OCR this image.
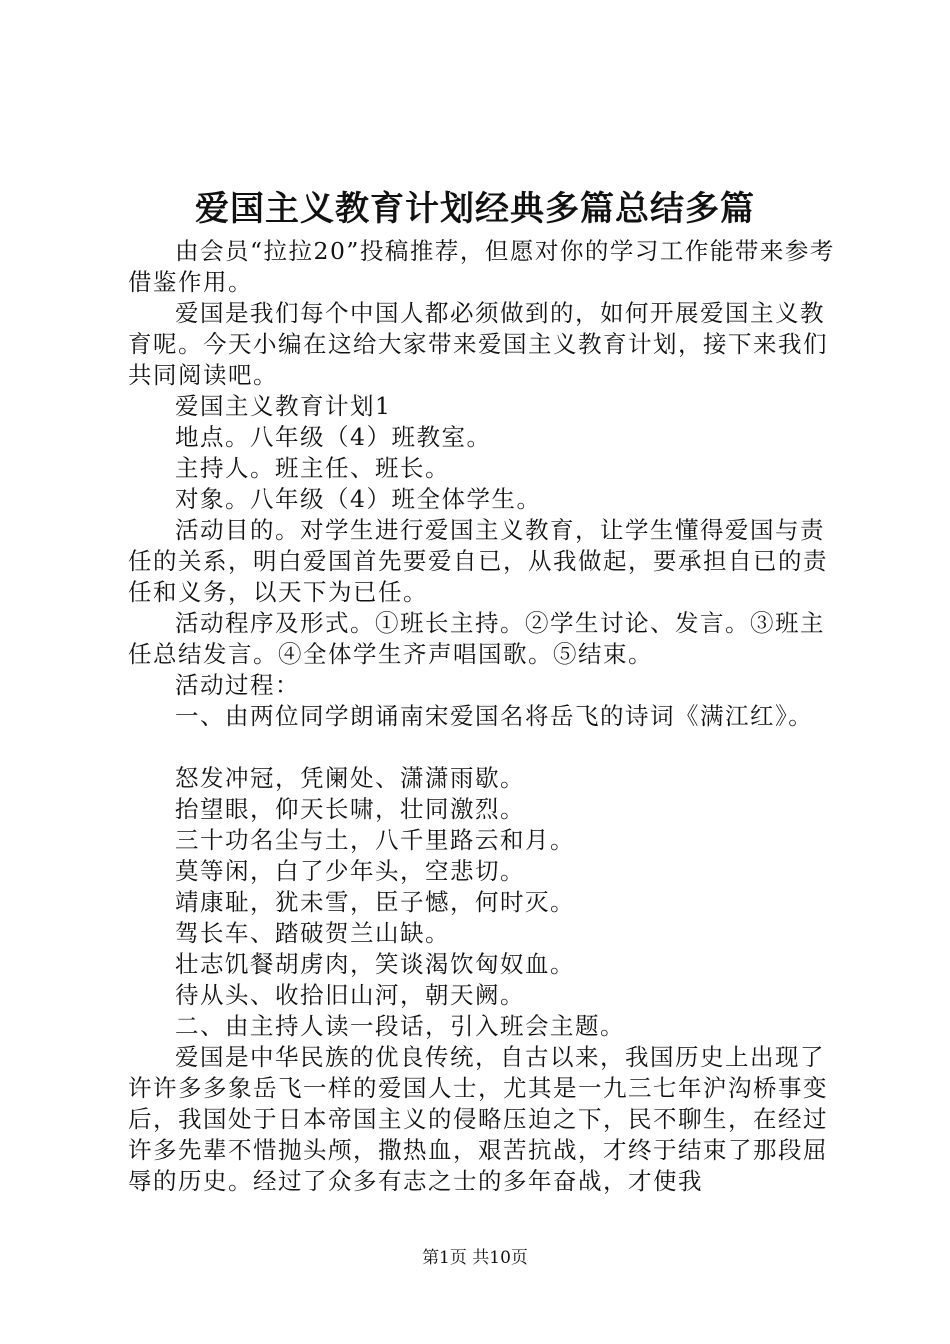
爱国主义教育计划经典多篇总结多篇

由会员“拉拉20”投稿推荐，但愿对你的学习工作能带来参考借鉴作用。

爱国是我们每个中国人都必须做到的，如何开展爱国主义教育呢。今天小编在这给大家带来爱国主义教育计划，接下来我们共同阅读吧。

爱国主义教育计划1

地点。八年级（4）班教室。

主持人。班主任、班长。

对象。八年级（4）班全体学生。

活动目的。对学生进行爱国主义教育，让学生懂得爱国与责任的关系，明白爱国首先要爱自已，从我做起，要承担自已的责任和义务，以天下为已任。

活动程序及形式。①班长主持。②学生讨论、发言。③班主任总结发言。④全体学生齐声唱国歌。⑤结束。

活动过程：

一、由两位同学朗诵南宋爱国名将岳飞的诗词《满江红》。

怒发冲冠，凭阑处、潇潇雨歇。

抬望眼，仰天长啸，壮同激烈。

三十功名尘与土，八千里路云和月。

莫等闲，白了少年头，空悲切。

靖康耻，犹未雪，臣子憾，何时灭。

驾长车、踏破贺兰山缺。

壮志饥餐胡虏肉，笑谈渴饮匈奴血。

待从头、收拾旧山河，朝天阙。

二、由主持人读一段话，引入班会主题。

爱国是中华民族的优良传统，自古以来，我国历史上出现了许许多多象岳飞一样的爱国人士，尤其是一九三七年沪沟桥事变后，我国处于日本帝国主义的侵略压迫之下，民不聊生，在经过许多先辈不惜抛头颅，撒热血，艰苦抗战，才终于结束了那段屈辱的历史。经过了众多有志之士的多年奋战，才使我

第1页 共10页
